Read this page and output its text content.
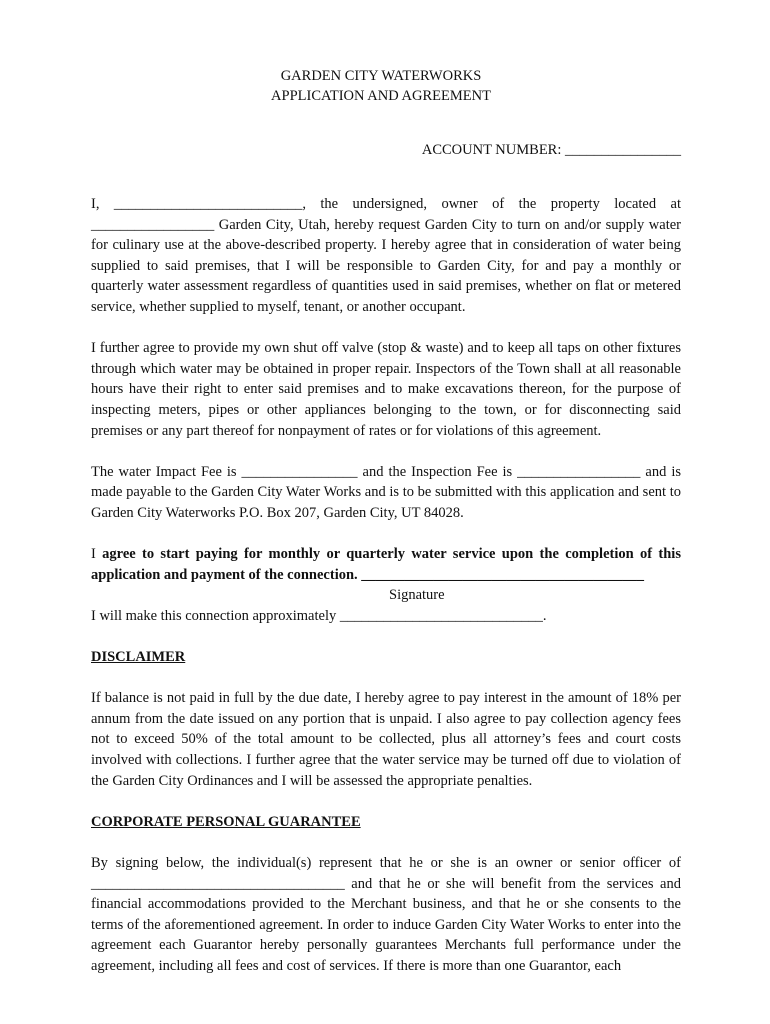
GARDEN CITY WATERWORKS
APPLICATION AND AGREEMENT
ACCOUNT NUMBER: ________________

I, __________________________, the undersigned, owner of the property located at _________________ Garden City, Utah, hereby request Garden City to turn on and/or supply water for culinary use at the above-described property. I hereby agree that in consideration of water being supplied to said premises, that I will be responsible to Garden City, for and pay a monthly or quarterly water assessment regardless of quantities used in said premises, whether on flat or metered service, whether supplied to myself, tenant, or another occupant.

I further agree to provide my own shut off valve (stop & waste) and to keep all taps on other fixtures through which water may be obtained in proper repair. Inspectors of the Town shall at all reasonable hours have their right to enter said premises and to make excavations thereon, for the purpose of inspecting meters, pipes or other appliances belonging to the town, or for disconnecting said premises or any part thereof for nonpayment of rates or for violations of this agreement.

The water Impact Fee is ________________ and the Inspection Fee is _________________ and is made payable to the Garden City Water Works and is to be submitted with this application and sent to Garden City Waterworks P.O. Box 207, Garden City, UT 84028.

I agree to start paying for monthly or quarterly water service upon the completion of this application and payment of the connection. _______________________________________

Signature

I will make this connection approximately ____________________________.

DISCLAIMER

If balance is not paid in full by the due date, I hereby agree to pay interest in the amount of 18% per annum from the date issued on any portion that is unpaid. I also agree to pay collection agency fees not to exceed 50% of the total amount to be collected, plus all attorney’s fees and court costs involved with collections. I further agree that the water service may be turned off due to violation of the Garden City Ordinances and I will be assessed the appropriate penalties.

CORPORATE PERSONAL GUARANTEE

By signing below, the individual(s) represent that he or she is an owner or senior officer of ___________________________________ and that he or she will benefit from the services and financial accommodations provided to the Merchant business, and that he or she consents to the terms of the aforementioned agreement. In order to induce Garden City Water Works to enter into the agreement each Guarantor hereby personally guarantees Merchants full performance under the agreement, including all fees and cost of services. If there is more than one Guarantor, each
